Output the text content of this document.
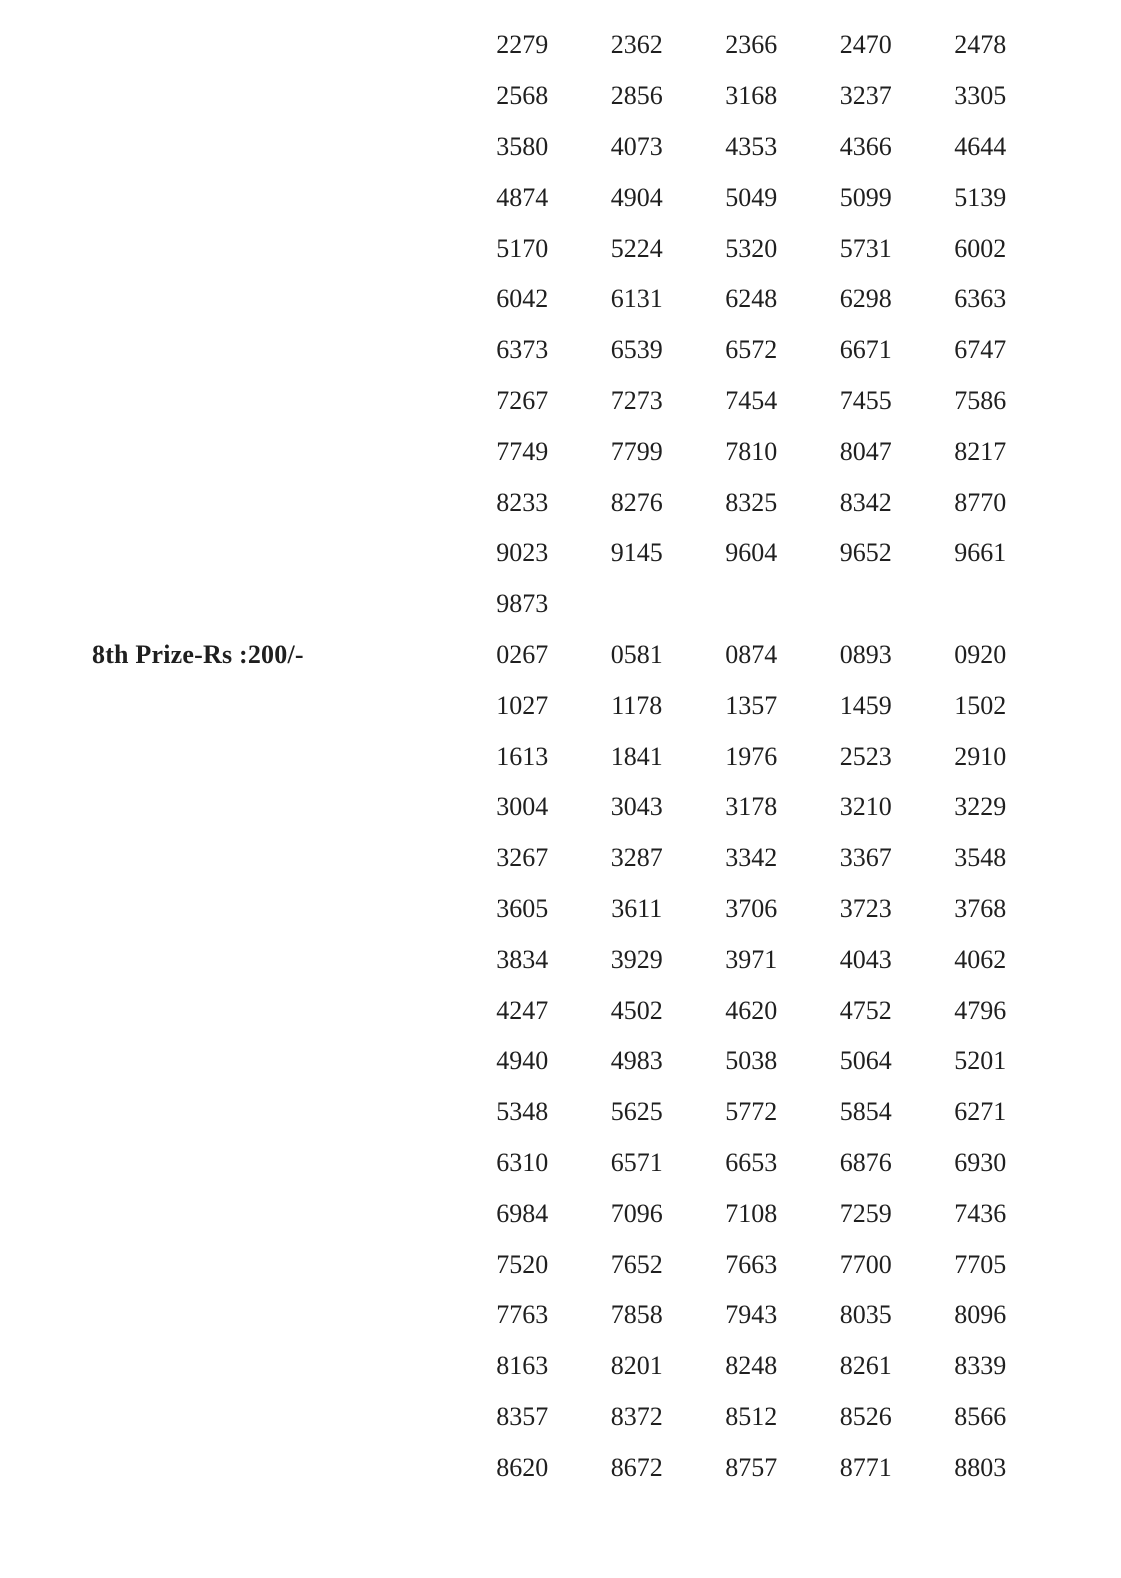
2279	2362	2366	2470	2478
2568	2856	3168	3237	3305
3580	4073	4353	4366	4644
4874	4904	5049	5099	5139
5170	5224	5320	5731	6002
6042	6131	6248	6298	6363
6373	6539	6572	6671	6747
7267	7273	7454	7455	7586
7749	7799	7810	8047	8217
8233	8276	8325	8342	8770
9023	9145	9604	9652	9661
9873
8th Prize-Rs :200/-	0267	0581	0874	0893	0920
1027	1178	1357	1459	1502
1613	1841	1976	2523	2910
3004	3043	3178	3210	3229
3267	3287	3342	3367	3548
3605	3611	3706	3723	3768
3834	3929	3971	4043	4062
4247	4502	4620	4752	4796
4940	4983	5038	5064	5201
5348	5625	5772	5854	6271
6310	6571	6653	6876	6930
6984	7096	7108	7259	7436
7520	7652	7663	7700	7705
7763	7858	7943	8035	8096
8163	8201	8248	8261	8339
8357	8372	8512	8526	8566
8620	8672	8757	8771	8803
